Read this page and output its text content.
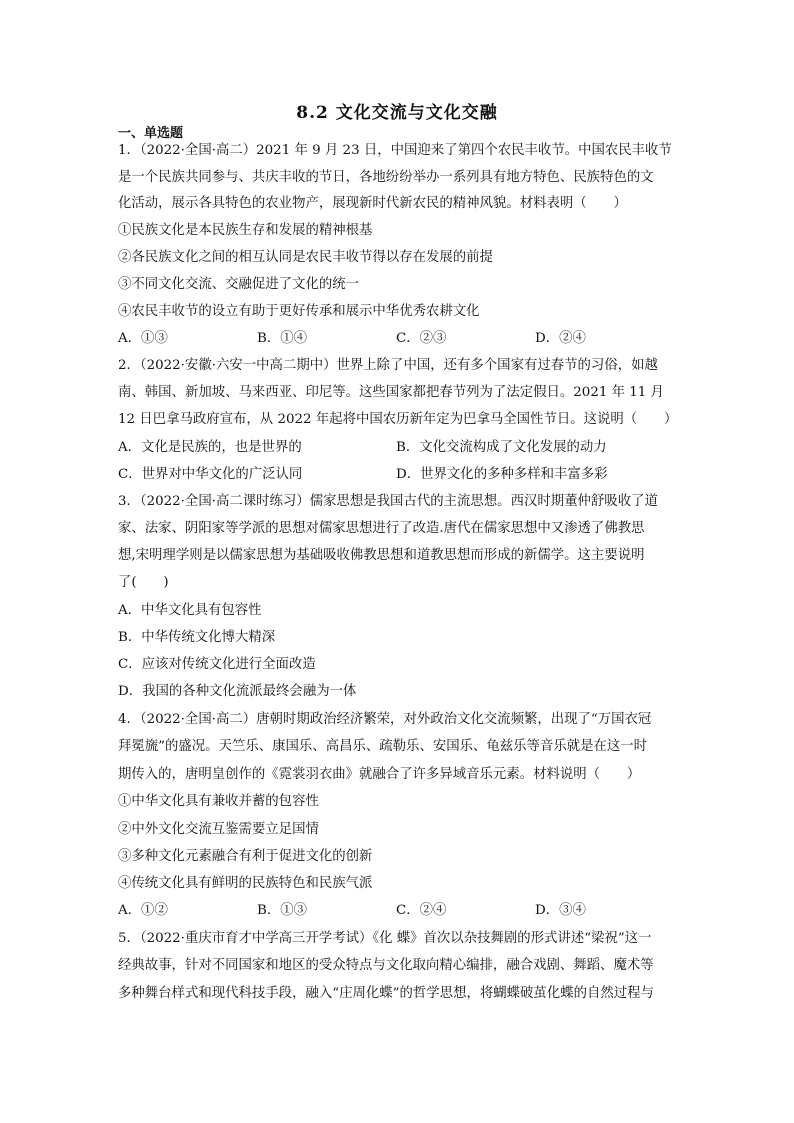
8.2 文化交流与文化交融
一、单选题
1．（2022·全国·高二）2021 年 9 月 23 日，中国迎来了第四个农民丰收节。中国农民丰收节
是一个民族共同参与、共庆丰收的节日，各地纷纷举办一系列具有地方特色、民族特色的文
化活动，展示各具特色的农业物产，展现新时代新农民的精神风貌。材料表明（　　）
①民族文化是本民族生存和发展的精神根基
②各民族文化之间的相互认同是农民丰收节得以存在发展的前提
③不同文化交流、交融促进了文化的统一
④农民丰收节的设立有助于更好传承和展示中华优秀农耕文化
A．①③	B．①④	C．②③	D．②④
2．（2022·安徽·六安一中高二期中）世界上除了中国，还有多个国家有过春节的习俗，如越
南、韩国、新加坡、马来西亚、印尼等。这些国家都把春节列为了法定假日。2021 年 11 月
12 日巴拿马政府宣布，从 2022 年起将中国农历新年定为巴拿马全国性节日。这说明（　　）
A．文化是民族的，也是世界的	B．文化交流构成了文化发展的动力
C．世界对中华文化的广泛认同	D．世界文化的多种多样和丰富多彩
3．（2022·全国·高二课时练习）儒家思想是我国古代的主流思想。西汉时期董仲舒吸收了道
家、法家、阴阳家等学派的思想对儒家思想进行了改造.唐代在儒家思想中又渗透了佛教思
想,宋明理学则是以儒家思想为基础吸收佛教思想和道教思想而形成的新儒学。这主要说明
了(　　)
A．中华文化具有包容性
B．中华传统文化博大精深
C．应该对传统文化进行全面改造
D．我国的各种文化流派最终会融为一体
4．（2022·全国·高二）唐朝时期政治经济繁荣，对外政治文化交流频繁，出现了“万国衣冠
拜冕旒”的盛况。天竺乐、康国乐、高昌乐、疏勒乐、安国乐、龟兹乐等音乐就是在这一时
期传入的，唐明皇创作的《霓裳羽衣曲》就融合了许多异域音乐元素。材料说明（　　）
①中华文化具有兼收并蓄的包容性
②中外文化交流互鉴需要立足国情
③多种文化元素融合有利于促进文化的创新
④传统文化具有鲜明的民族特色和民族气派
A．①②	B．①③	C．②④	D．③④
5．（2022·重庆市育才中学高三开学考试）《化 蝶》首次以杂技舞剧的形式讲述“梁祝”这一
经典故事，针对不同国家和地区的受众特点与文化取向精心编排，融合戏剧、舞蹈、魔术等
多种舞台样式和现代科技手段，融入“庄周化蝶”的哲学思想，将蝴蝶破茧化蝶的自然过程与
